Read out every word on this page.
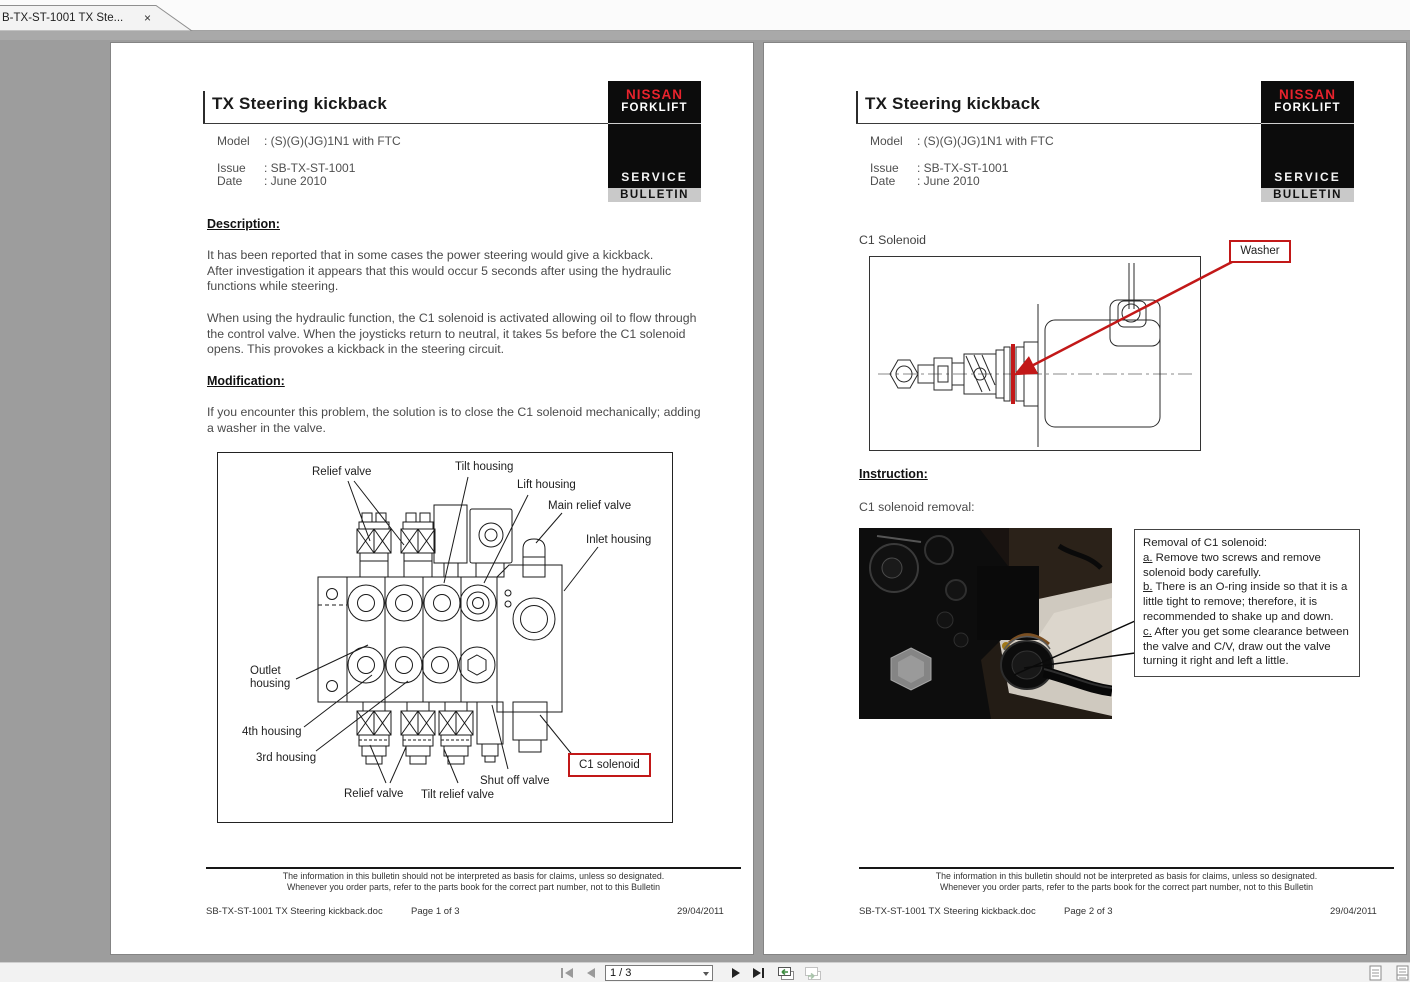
B-TX-ST-1001 TX Ste... ×
TX Steering kickback
Model : (S)(G)(JG)1N1 with FTC
Issue : SB-TX-ST-1001
Date : June 2010
NISSAN
FORKLIFT
SERVICE
BULLETIN
Description:
It has been reported that in some cases the power steering would give a kickback.
After investigation it appears that this would occur 5 seconds after using the hydraulic
functions while steering.
When using the hydraulic function, the C1 solenoid is activated allowing oil to flow through
the control valve. When the joysticks return to neutral, it takes 5s before the C1 solenoid
opens. This provokes a kickback in the steering circuit.
Modification:
If you encounter this problem, the solution is to close the C1 solenoid mechanically; adding
a washer in the valve.
Relief valve	Tilt housing
Lift housing
Main relief valve
Inlet housing
Outlet housing
4th housing
3rd housing
Relief valve Tilt relief valve
Shut off valve
C1 solenoid
The information in this bulletin should not be interpreted as basis for claims, unless so designated.
Whenever you order parts, refer to the parts book for the correct part number, not to this Bulletin
SB-TX-ST-1001 TX Steering kickback.doc	Page 1 of 3	29/04/2011
TX Steering kickback
Model : (S)(G)(JG)1N1 with FTC
Issue : SB-TX-ST-1001
Date : June 2010
NISSAN
FORKLIFT
SERVICE
BULLETIN
C1 Solenoid
Washer
Instruction:
C1 solenoid removal:
Removal of C1 solenoid:
a. Remove two screws and remove solenoid body carefully.
b. There is an O-ring inside so that it is a little tight to remove; therefore, it is recommended to shake up and down.
c. After you get some clearance between the valve and C/V, draw out the valve turning it right and left a little.
The information in this bulletin should not be interpreted as basis for claims, unless so designated.
Whenever you order parts, refer to the parts book for the correct part number, not to this Bulletin
SB-TX-ST-1001 TX Steering kickback.doc	Page 2 of 3	29/04/2011
1 / 3
